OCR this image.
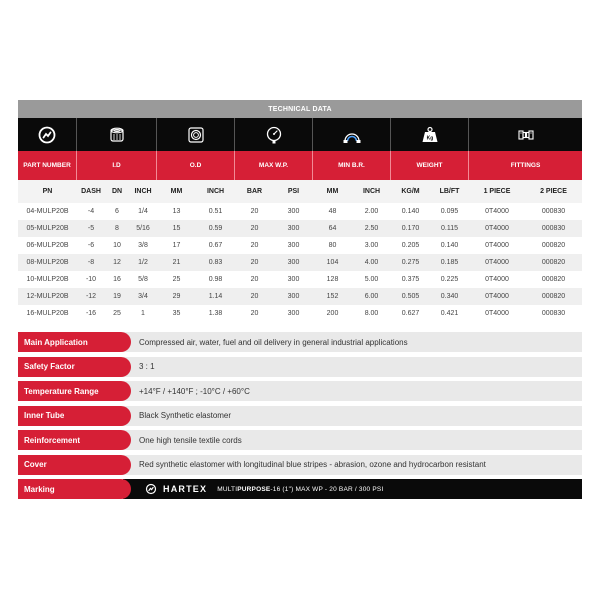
TECHNICAL DATA
Kg
PART NUMBER	I.D	O.D	MAX W.P.	MIN B.R.	WEIGHT	FITTINGS
PN	DASH	DN	INCH	MM	INCH	BAR	PSI	MM	INCH	KG/M	LB/FT	1 PIECE	2 PIECE
04-MULP20B	-4	6	1/4	13	0.51	20	300	48	2.00	0.140	0.095	0T4000	000830
05-MULP20B	-5	8	5/16	15	0.59	20	300	64	2.50	0.170	0.115	0T4000	000830
06-MULP20B	-6	10	3/8	17	0.67	20	300	80	3.00	0.205	0.140	0T4000	000820
08-MULP20B	-8	12	1/2	21	0.83	20	300	104	4.00	0.275	0.185	0T4000	000820
10-MULP20B	-10	16	5/8	25	0.98	20	300	128	5.00	0.375	0.225	0T4000	000820
12-MULP20B	-12	19	3/4	29	1.14	20	300	152	6.00	0.505	0.340	0T4000	000820
16-MULP20B	-16	25	1	35	1.38	20	300	200	8.00	0.627	0.421	0T4000	000830
Main Application	Compressed air, water, fuel and oil delivery in general industrial applications
Safety Factor	3 : 1
Temperature Range	+14°F / +140°F ; -10°C / +60°C
Inner Tube	Black Synthetic elastomer
Reinforcement	One high tensile textile cords
Cover	Red synthetic elastomer with longitudinal blue stripes - abrasion, ozone and hydrocarbon resistant
Marking	HARTEX MULTIPURPOSE-16 (1") MAX WP - 20 BAR / 300 PSI
